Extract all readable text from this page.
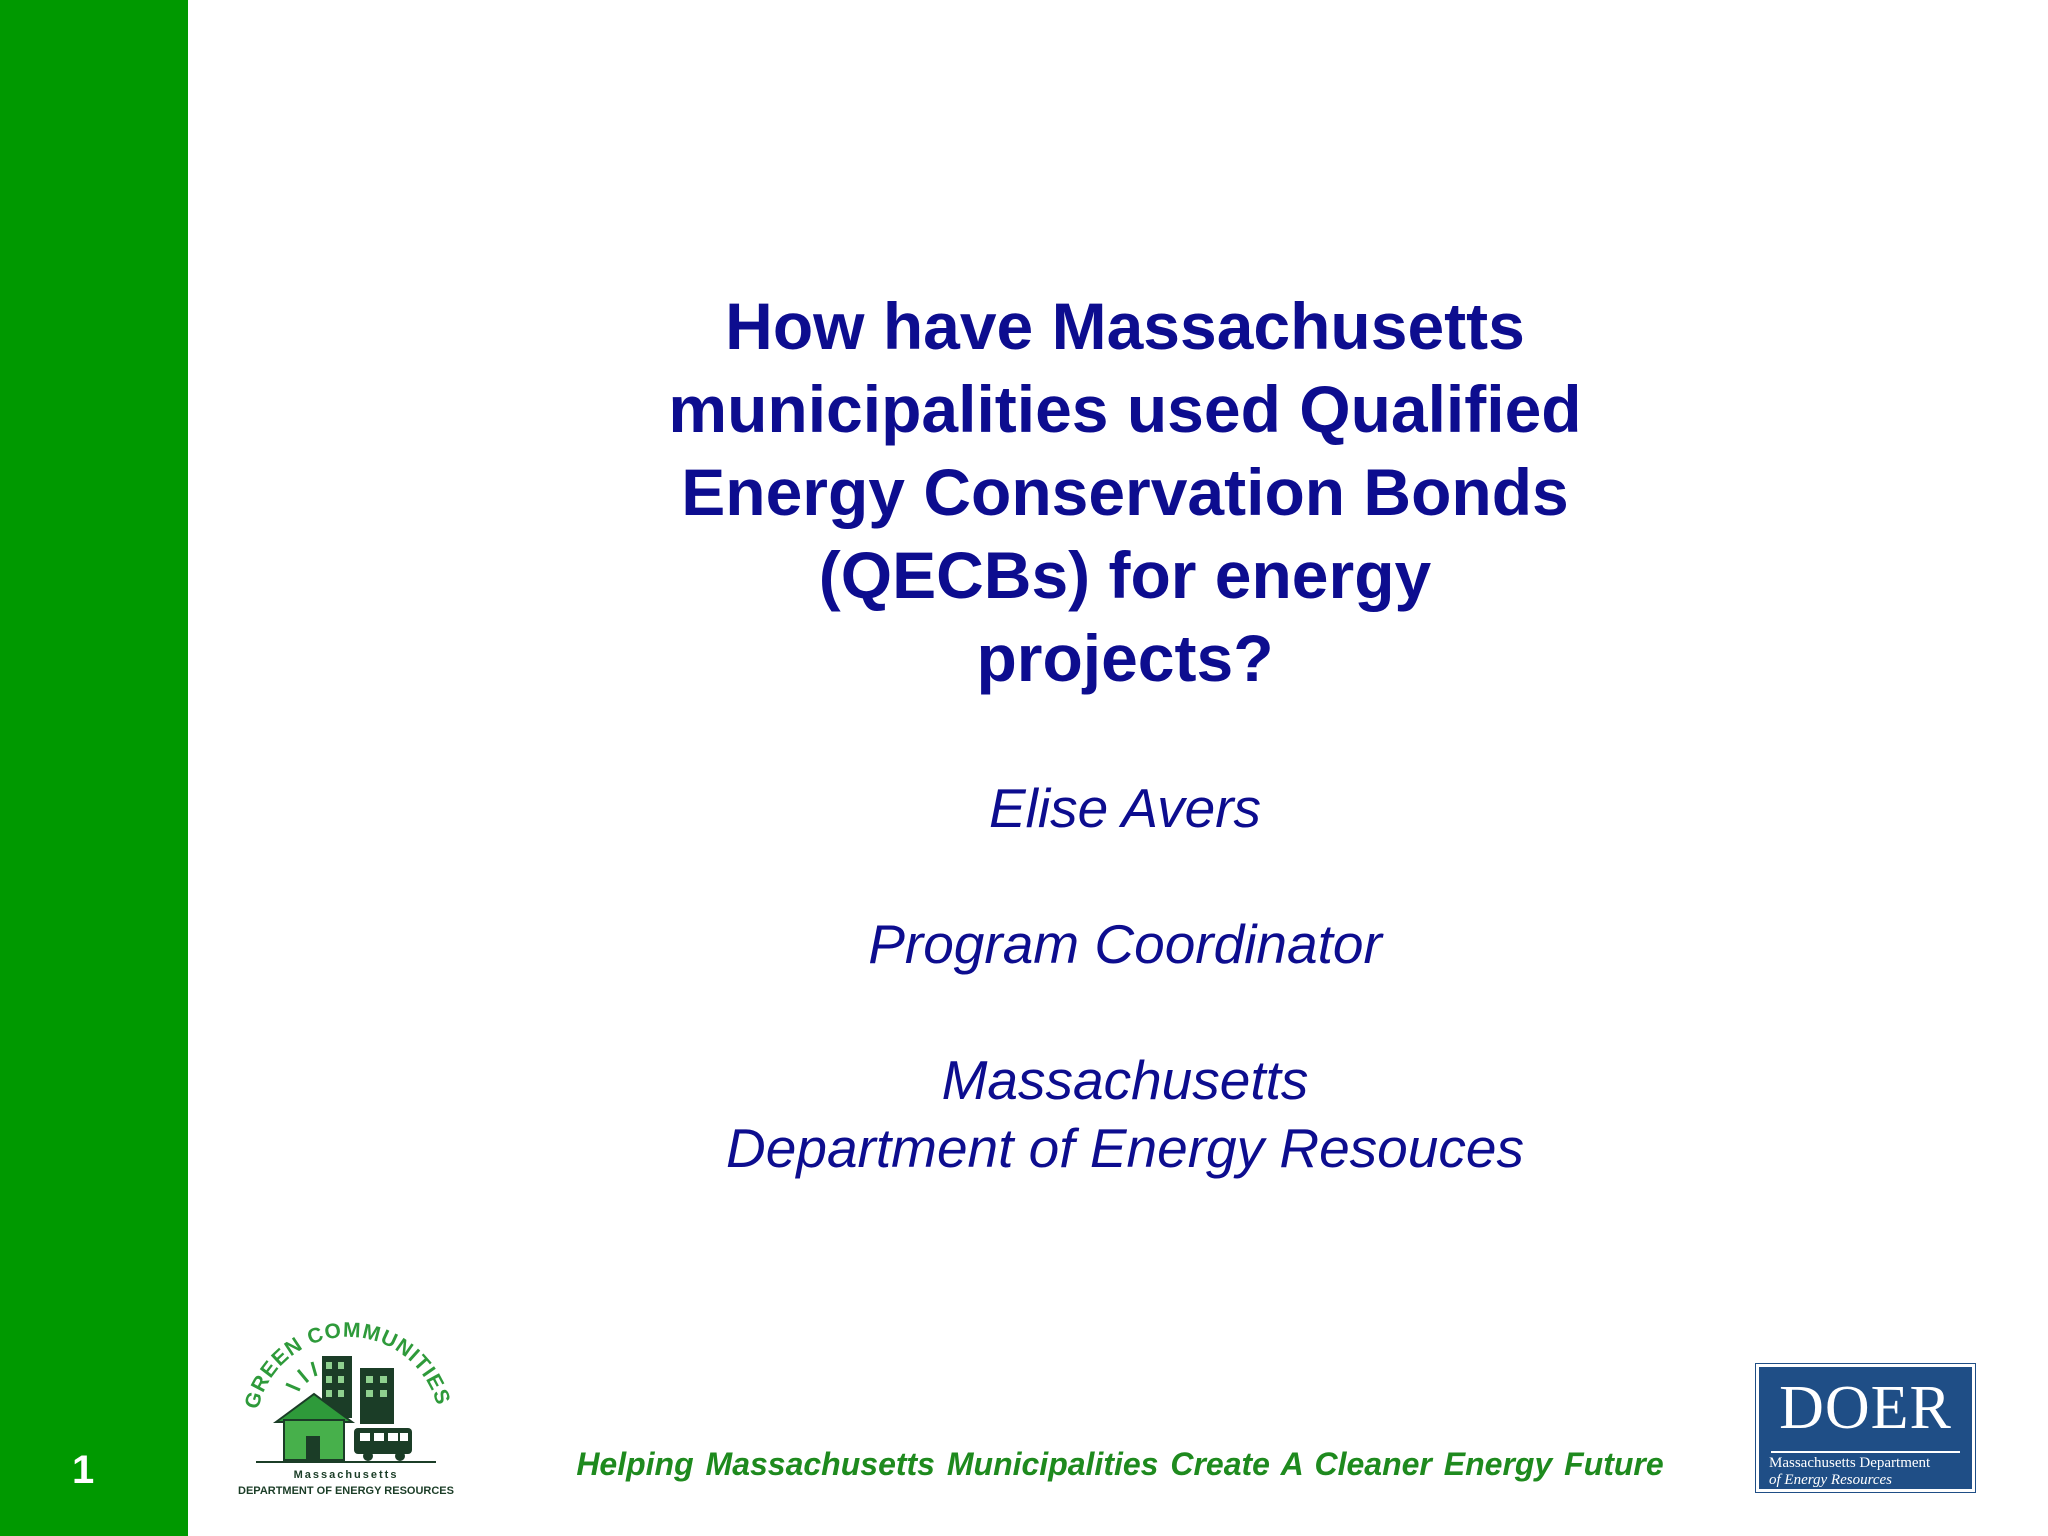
1
How have Massachusetts
municipalities used Qualified
Energy Conservation Bonds
(QECBs) for energy
projects?
Elise Avers
Program Coordinator
Massachusetts
Department of Energy Resouces
GREEN COMMUNITIES
Massachusetts
DEPARTMENT OF ENERGY RESOURCES
Helping Massachusetts Municipalities Create A Cleaner Energy Future
DOER
Massachusetts Department
of Energy Resources
